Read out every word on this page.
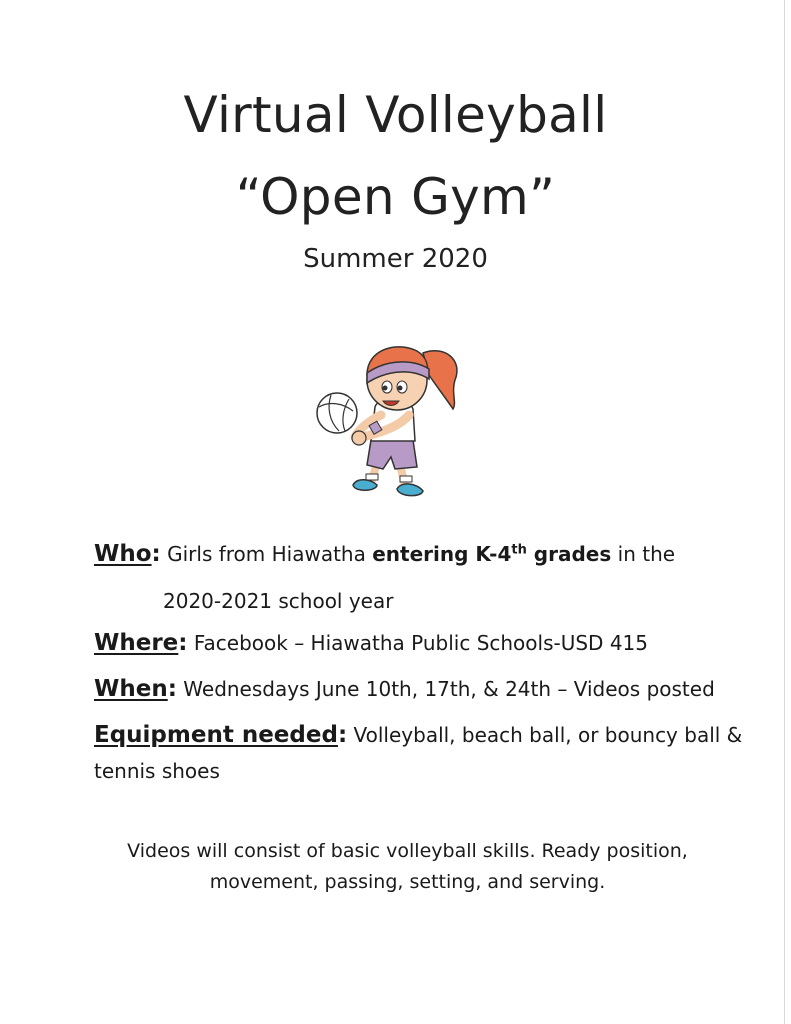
Virtual Volleyball
“Open Gym”
Summer 2020
Who: Girls from Hiawatha entering K-4th grades in the
2020-2021 school year
Where: Facebook – Hiawatha Public Schools-USD 415
When: Wednesdays June 10th, 17th, & 24th – Videos posted
Equipment needed: Volleyball, beach ball, or bouncy ball &
tennis shoes
Videos will consist of basic volleyball skills. Ready position,
movement, passing, setting, and serving.
